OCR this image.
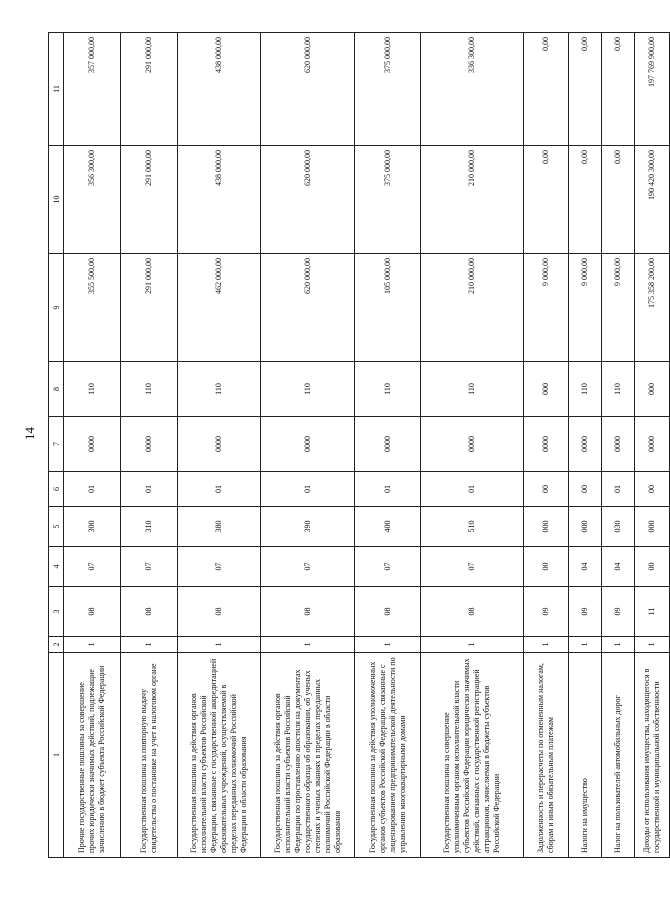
14
1	2	3	4	5	6	7	8	9	10	11
Прочие государственные пошлины за совершение прочих юридически значимых действий, подлежащие зачислению в бюджет субъекта Российской Федерации	1	08	07	300	01	0000	110	355 500,00	356 300,00	357 000,00
Государственная пошлина за повторную выдачу свидетельства о постановке на учет в налоговом органе	1	08	07	310	01	0000	110	291 000,00	291 000,00	291 000,00
Государственная пошлина за действия органов исполнительной власти субъектов Российской Федерации, связанные с государственной аккредитацией образовательных учреждений, осуществляемой в пределах переданных полномочий Российской Федерации в области образования	1	08	07	380	01	0000	110	462 000,00	438 000,00	438 000,00
Государственная пошлина за действия органов исполнительной власти субъектов Российской Федерации по проставлению апостиля на документах государственного образца об образовании, об ученых степенях и ученых званиях в пределах переданных полномочий Российской Федерации в области образования	1	08	07	390	01	0000	110	620 000,00	620 000,00	620 000,00
Государственная пошлина за действия уполномоченных органов субъектов Российской Федерации, связанные с лицензированием предпринимательской деятельности по управлению многоквартирными домами	1	08	07	400	01	0000	110	105 000,00	375 000,00	375 000,00
Государственная пошлина за совершение уполномоченным органом исполнительной власти субъектов Российской Федерации юридически значимых действий, связанных с государственной регистрацией аттракционов, зачисляемая в бюджеты субъектов Российской Федерации	1	08	07	510	01	0000	110	210 000,00	210 000,00	336 300,00
Задолженность и перерасчеты по отмененным налогам, сборам и иным обязательным платежам	1	09	00	000	00	0000	000	9 000,00	0,00	0,00
Налоги на имущество	1	09	04	000	00	0000	110	9 000,00	0,00	0,00
Налог на пользователей автомобильных дорог	1	09	04	030	01	0000	110	9 000,00	0,00	0,00
Доходы от использования имущества, находящегося в государственной и муниципальной собственности	1	11	00	000	00	0000	000	175 358 200,00	190 420 300,00	197 769 900,00
